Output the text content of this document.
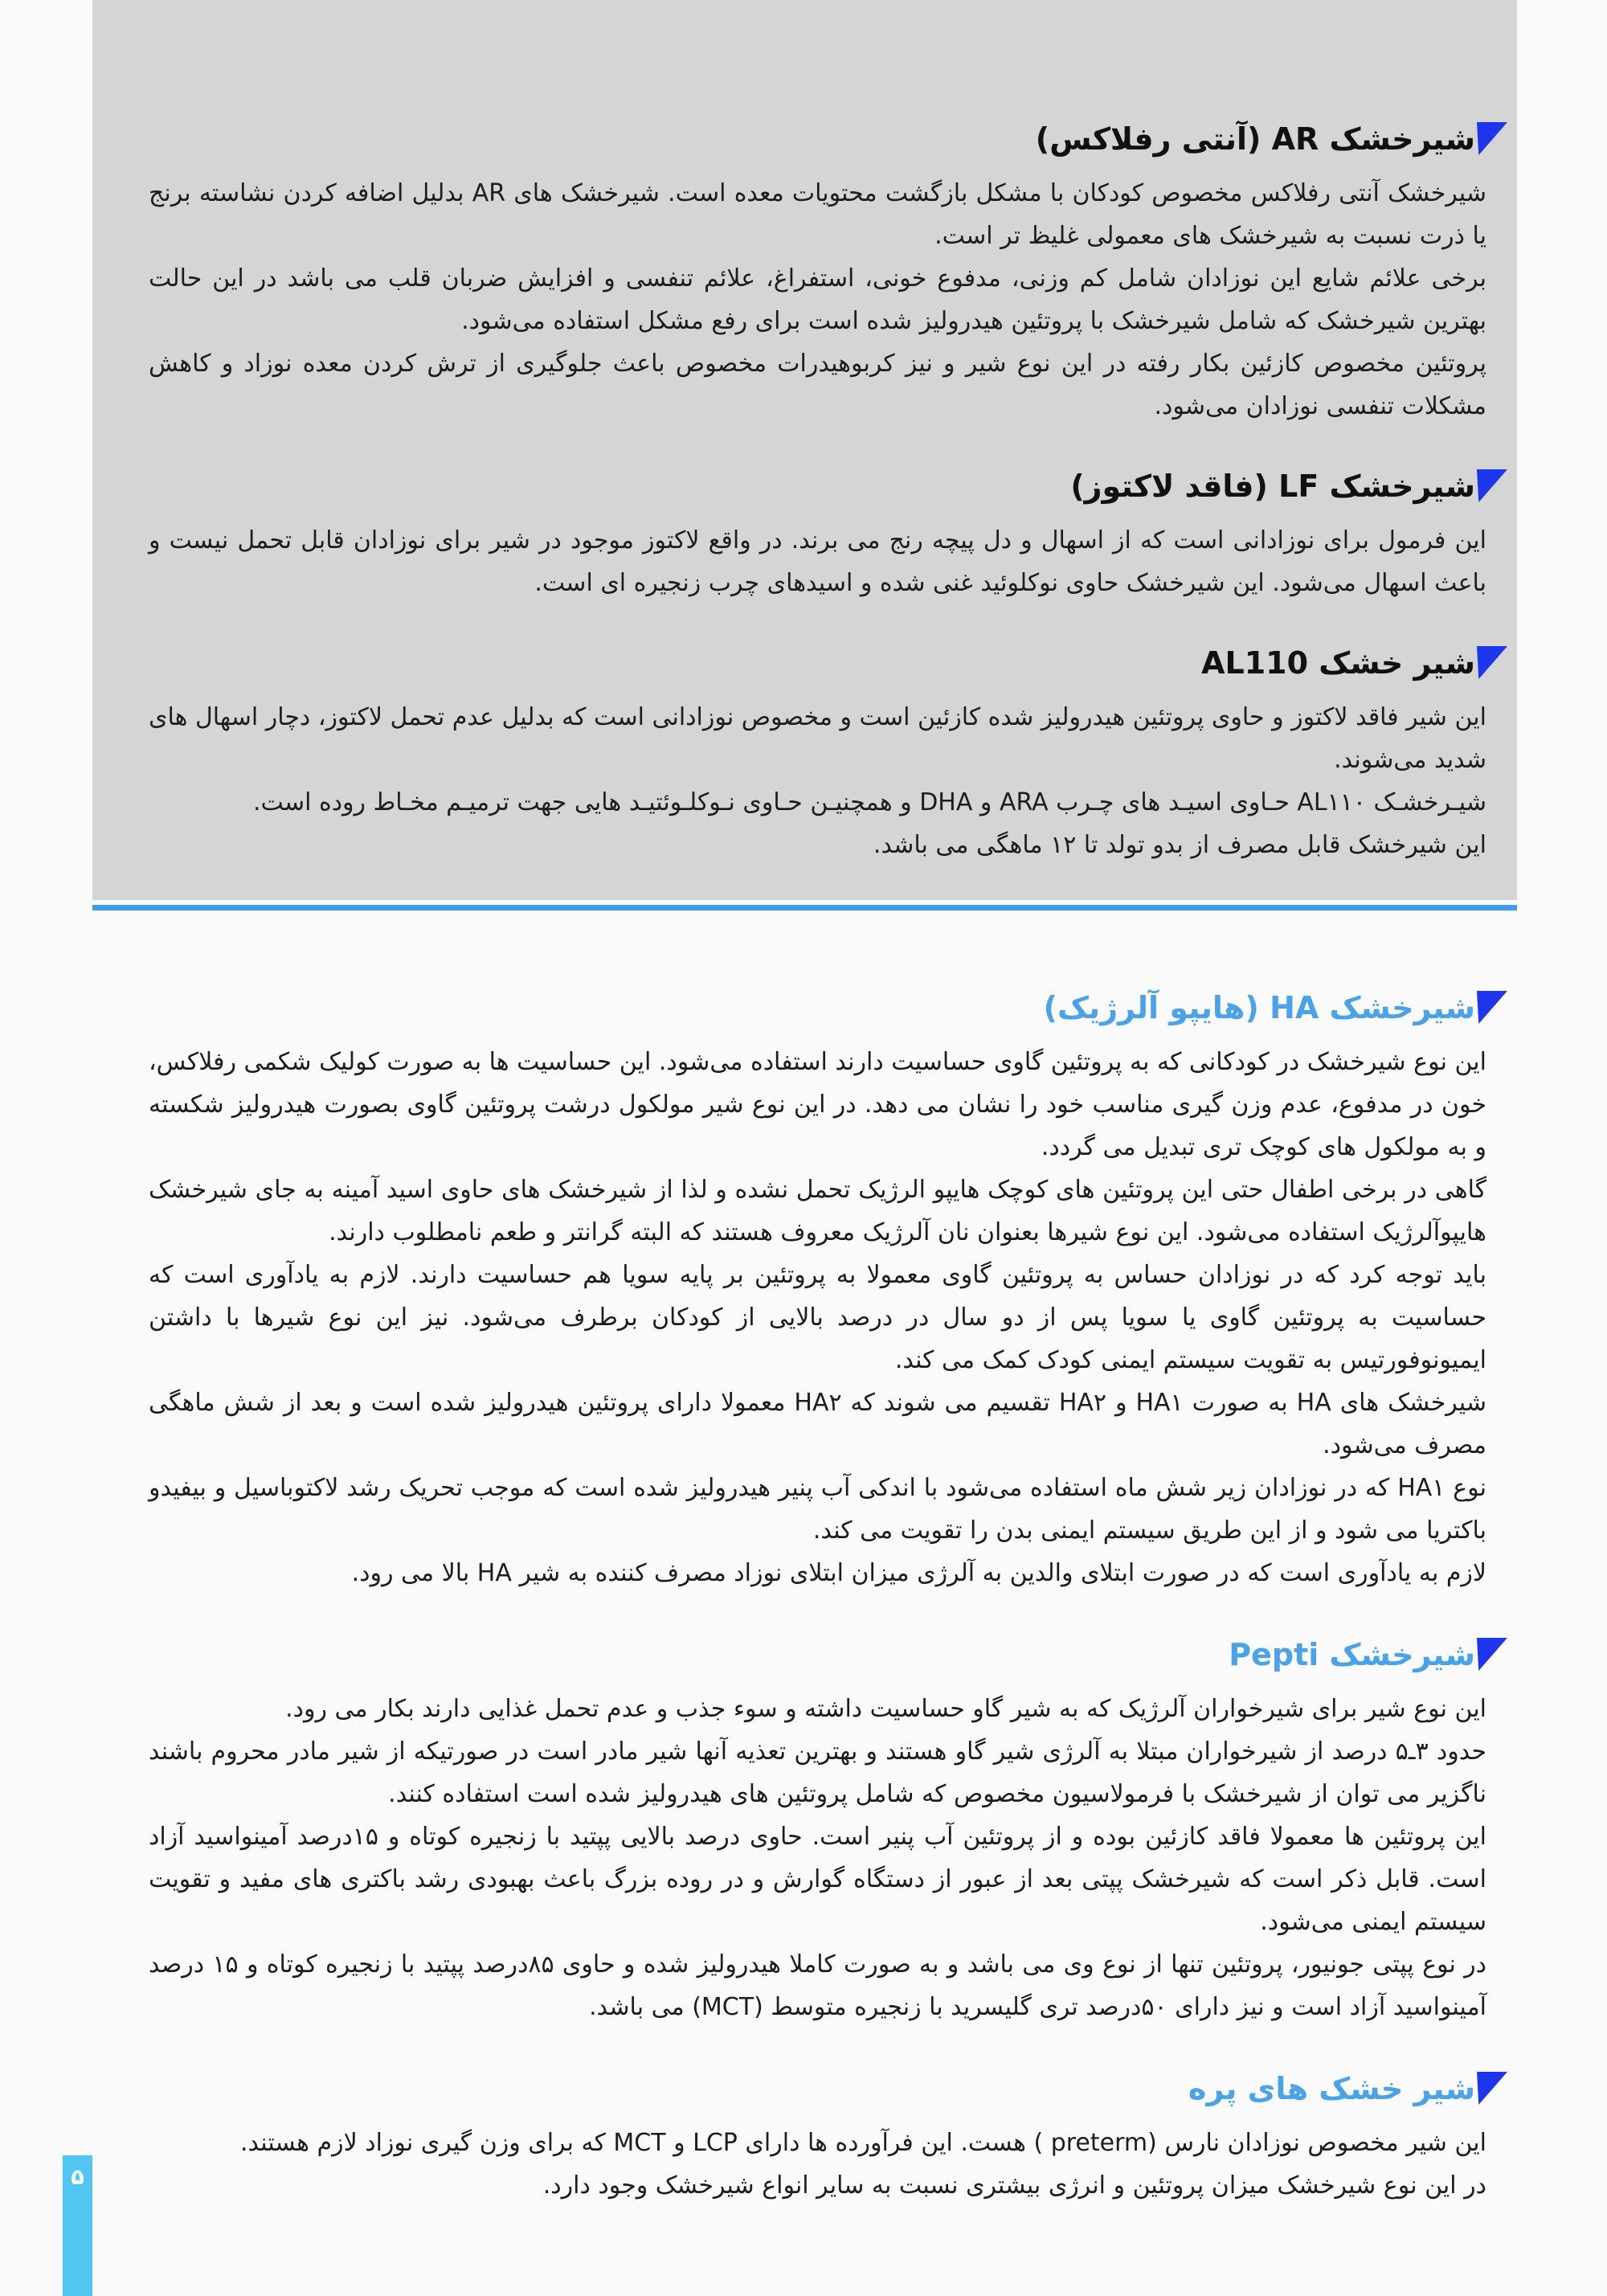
شیرخشک AR (آنتی رفلاکس)

شیرخشک آنتی رفلاکس مخصوص کودکان با مشکل بازگشت محتویات معده است. شیرخشک های AR بدلیل اضافه کردن نشاسته برنج یا ذرت نسبت به شیرخشک های معمولی غلیظ تر است.

برخی علائم شایع این نوزادان شامل کم وزنی، مدفوع خونی، استفراغ، علائم تنفسی و افزایش ضربان قلب می باشد در این حالت بهترین شیرخشک که شامل شیرخشک با پروتئین هیدرولیز شده است برای رفع مشکل استفاده می‌شود.

پروتئین مخصوص کازئین بکار رفته در این نوع شیر و نیز کربوهیدرات مخصوص باعث جلوگیری از ترش کردن معده نوزاد و کاهش مشکلات تنفسی نوزادان می‌شود.

شیرخشک LF (فاقد لاکتوز)

این فرمول برای نوزادانی است که از اسهال و دل پیچه رنج می برند. در واقع لاکتوز موجود در شیر برای نوزادان قابل تحمل نیست و باعث اسهال می‌شود. این شیرخشک حاوی نوکلوئید غنی شده و اسیدهای چرب زنجیره ای است.

شیر خشک AL110

این شیر فاقد لاکتوز و حاوی پروتئین هیدرولیز شده کازئین است و مخصوص نوزادانی است که بدلیل عدم تحمل لاکتوز، دچار اسهال های شدید می‌شوند.

شیـرخشـک AL۱۱۰ حـاوی اسیـد های چـرب ARA و DHA و همچنیـن حـاوی نـوکلـوئتیـد هایی جهت ترمیـم مخـاط روده است.

این شیرخشک قابل مصرف از بدو تولد تا ۱۲ ماهگی می باشد.

شیرخشک HA (هایپو آلرژیک)

این نوع شیرخشک در کودکانی که به پروتئین گاوی حساسیت دارند استفاده می‌شود. این حساسیت ها به صورت کولیک شکمی رفلاکس، خون در مدفوع، عدم وزن گیری مناسب خود را نشان می دهد. در این نوع شیر مولکول درشت پروتئین گاوی بصورت هیدرولیز شکسته و به مولکول های کوچک تری تبدیل می گردد.

گاهی در برخی اطفال حتی این پروتئین های کوچک هایپو الرژیک تحمل نشده و لذا از شیرخشک های حاوی اسید آمینه به جای شیرخشک هایپوآلرژیک استفاده می‌شود. این نوع شیرها بعنوان نان آلرژیک معروف هستند که البته گرانتر و طعم نامطلوب دارند.

باید توجه کرد که در نوزادان حساس به پروتئین گاوی معمولا به پروتئین بر پایه سویا هم حساسیت دارند. لازم به یادآوری است که حساسیت به پروتئین گاوی یا سویا پس از دو سال در درصد بالایی از کودکان برطرف می‌شود. نیز این نوع شیرها با داشتن ایمیونوفورتیس به تقویت سیستم ایمنی کودک کمک می کند.

شیرخشک های HA به صورت HA۱ و HA۲ تقسیم می شوند که HA۲ معمولا دارای پروتئین هیدرولیز شده است و بعد از شش ماهگی مصرف می‌شود.

نوع HA۱ که در نوزادان زیر شش ماه استفاده می‌شود با اندکی آب پنیر هیدرولیز شده است که موجب تحریک رشد لاکتوباسیل و بیفیدو باکتریا می شود و از این طریق سیستم ایمنی بدن را تقویت می کند.

لازم به یادآوری است که در صورت ابتلای والدین به آلرژی میزان ابتلای نوزاد مصرف کننده به شیر HA بالا می رود.

شیرخشک Pepti

این نوع شیر برای شیرخواران آلرژیک که به شیر گاو حساسیت داشته و سوء جذب و عدم تحمل غذایی دارند بکار می رود.

حدود ۳ـ۵ درصد از شیرخواران مبتلا به آلرژی شیر گاو هستند و بهترین تعذیه آنها شیر مادر است در صورتیکه از شیر مادر محروم باشند ناگزیر می توان از شیرخشک با فرمولاسیون مخصوص که شامل پروتئین های هیدرولیز شده است استفاده کنند.

این پروتئین ها معمولا فاقد کازئین بوده و از پروتئین آب پنیر است. حاوی درصد بالایی پپتید با زنجیره کوتاه و ۱۵درصد آمینواسید آزاد است. قابل ذکر است که شیرخشک پپتی بعد از عبور از دستگاه گوارش و در روده بزرگ باعث بهبودی رشد باکتری های مفید و تقویت سیستم ایمنی می‌شود.

در نوع پپتی جونیور، پروتئین تنها از نوع وی می باشد و به صورت کاملا هیدرولیز شده و حاوی ۸۵درصد پپتید با زنجیره کوتاه و ۱۵ درصد آمینواسید آزاد است و نیز دارای ۵۰درصد تری گلیسرید با زنجیره متوسط (MCT) می باشد.

شیر خشک های پره

این شیر مخصوص نوزادان نارس (preterm ) هست. این فرآورده ها دارای LCP و MCT که برای وزن گیری نوزاد لازم هستند.

در این نوع شیرخشک میزان پروتئین و انرژی بیشتری نسبت به سایر انواع شیرخشک وجود دارد.

۵
